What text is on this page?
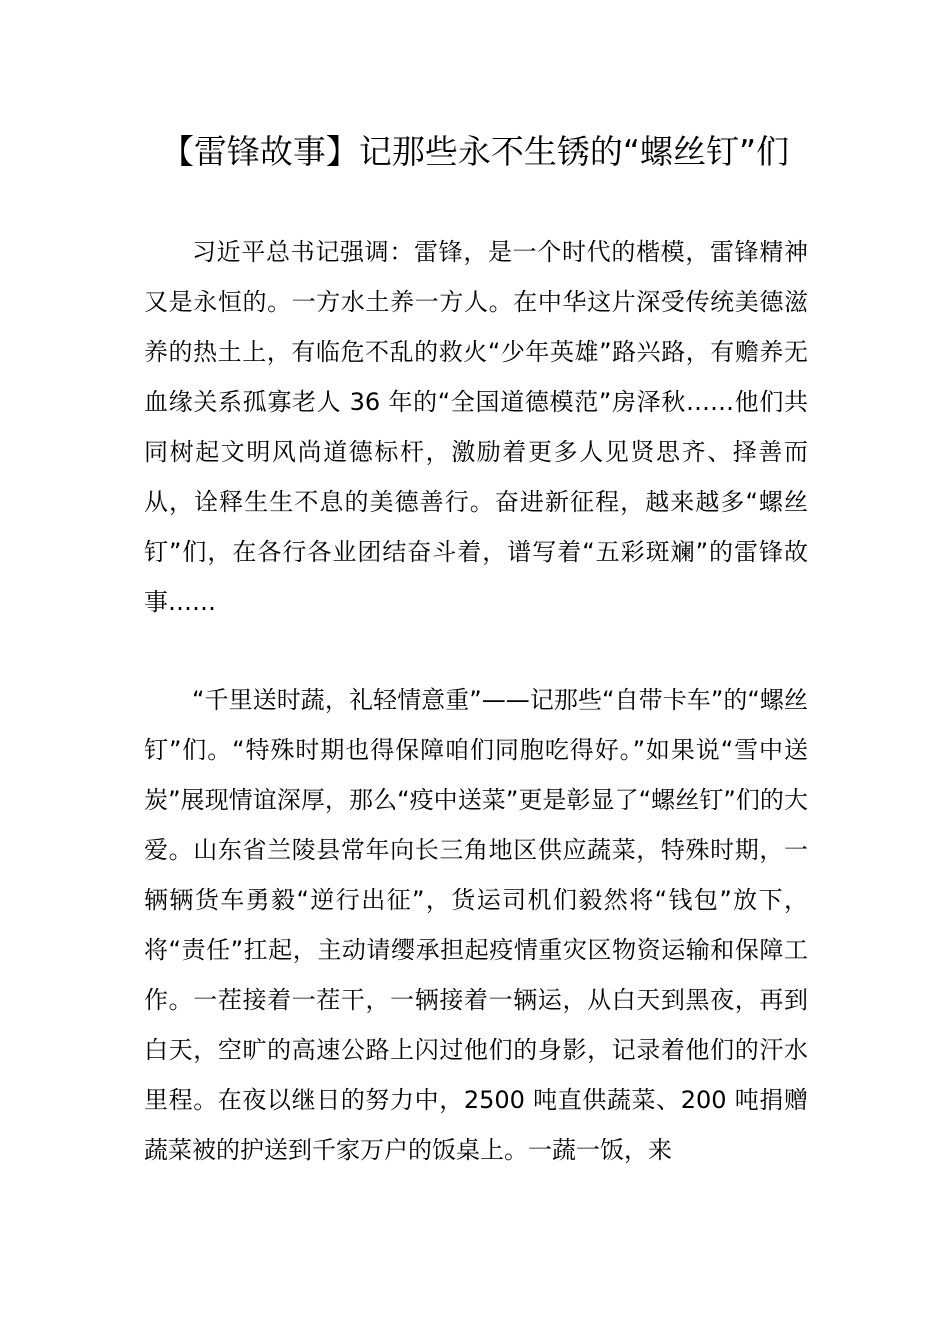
【雷锋故事】记那些永不生锈的“螺丝钉”们

习近平总书记强调：雷锋，是一个时代的楷模，雷锋精神又是永恒的。一方水土养一方人。在中华这片深受传统美德滋养的热土上，有临危不乱的救火“少年英雄”路兴路，有赡养无血缘关系孤寡老人 36 年的“全国道德模范”房泽秋……他们共同树起文明风尚道德标杆，激励着更多人见贤思齐、择善而从，诠释生生不息的美德善行。奋进新征程，越来越多“螺丝钉”们，在各行各业团结奋斗着，谱写着“五彩斑斓”的雷锋故事……

“千里送时蔬，礼轻情意重”——记那些“自带卡车”的“螺丝钉”们。“特殊时期也得保障咱们同胞吃得好。”如果说“雪中送炭”展现情谊深厚，那么“疫中送菜”更是彰显了“螺丝钉”们的大爱。山东省兰陵县常年向长三角地区供应蔬菜，特殊时期，一辆辆货车勇毅“逆行出征”，货运司机们毅然将“钱包”放下，将“责任”扛起，主动请缨承担起疫情重灾区物资运输和保障工作。一茬接着一茬干，一辆接着一辆运，从白天到黑夜，再到白天，空旷的高速公路上闪过他们的身影，记录着他们的汗水里程。在夜以继日的努力中，2500 吨直供蔬菜、200 吨捐赠蔬菜被的护送到千家万户的饭桌上。一蔬一饭，来
